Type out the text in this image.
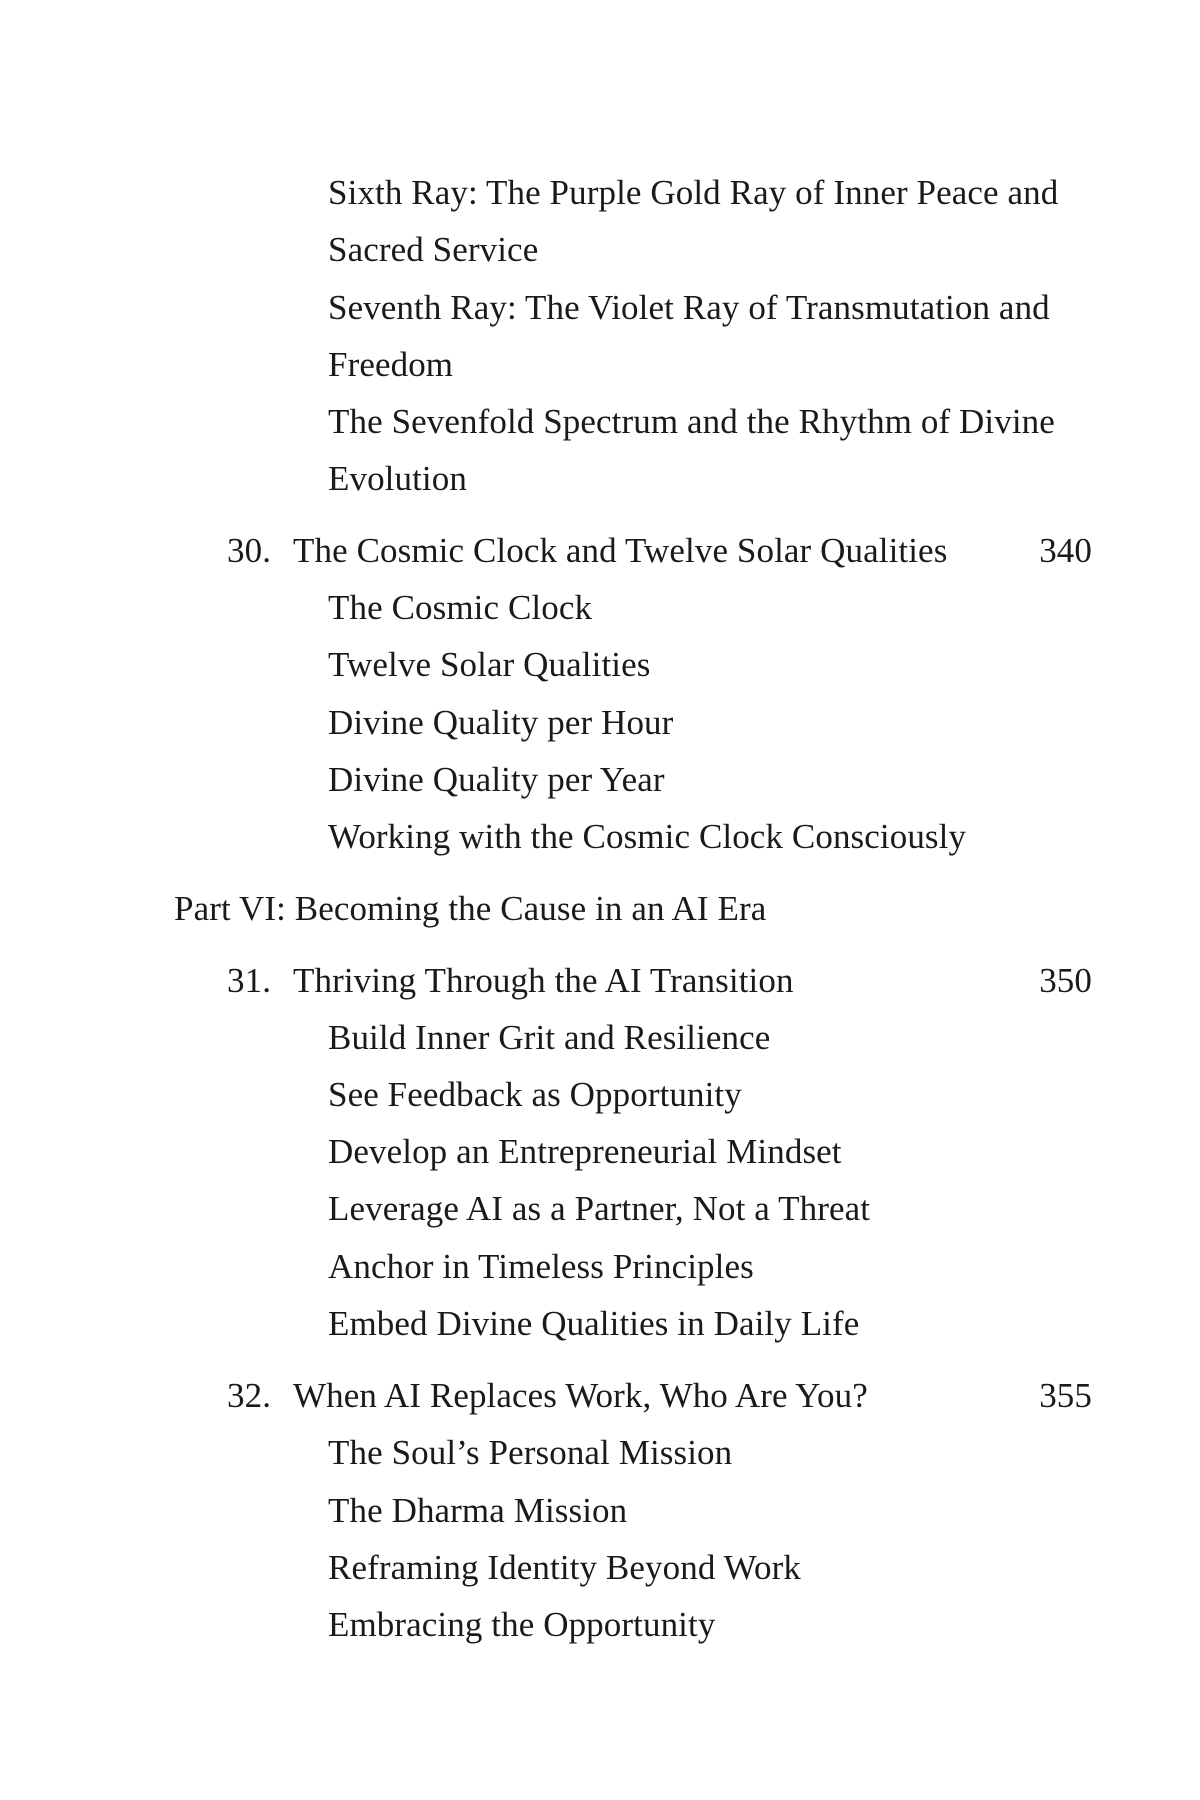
Sixth Ray: The Purple Gold Ray of Inner Peace and
Sacred Service
Seventh Ray: The Violet Ray of Transmutation and
Freedom
The Sevenfold Spectrum and the Rhythm of Divine
Evolution
30. The Cosmic Clock and Twelve Solar Qualities	340
The Cosmic Clock
Twelve Solar Qualities
Divine Quality per Hour
Divine Quality per Year
Working with the Cosmic Clock Consciously
Part VI: Becoming the Cause in an AI Era
31. Thriving Through the AI Transition	350
Build Inner Grit and Resilience
See Feedback as Opportunity
Develop an Entrepreneurial Mindset
Leverage AI as a Partner, Not a Threat
Anchor in Timeless Principles
Embed Divine Qualities in Daily Life
32. When AI Replaces Work, Who Are You?	355
The Soul’s Personal Mission
The Dharma Mission
Reframing Identity Beyond Work
Embracing the Opportunity
